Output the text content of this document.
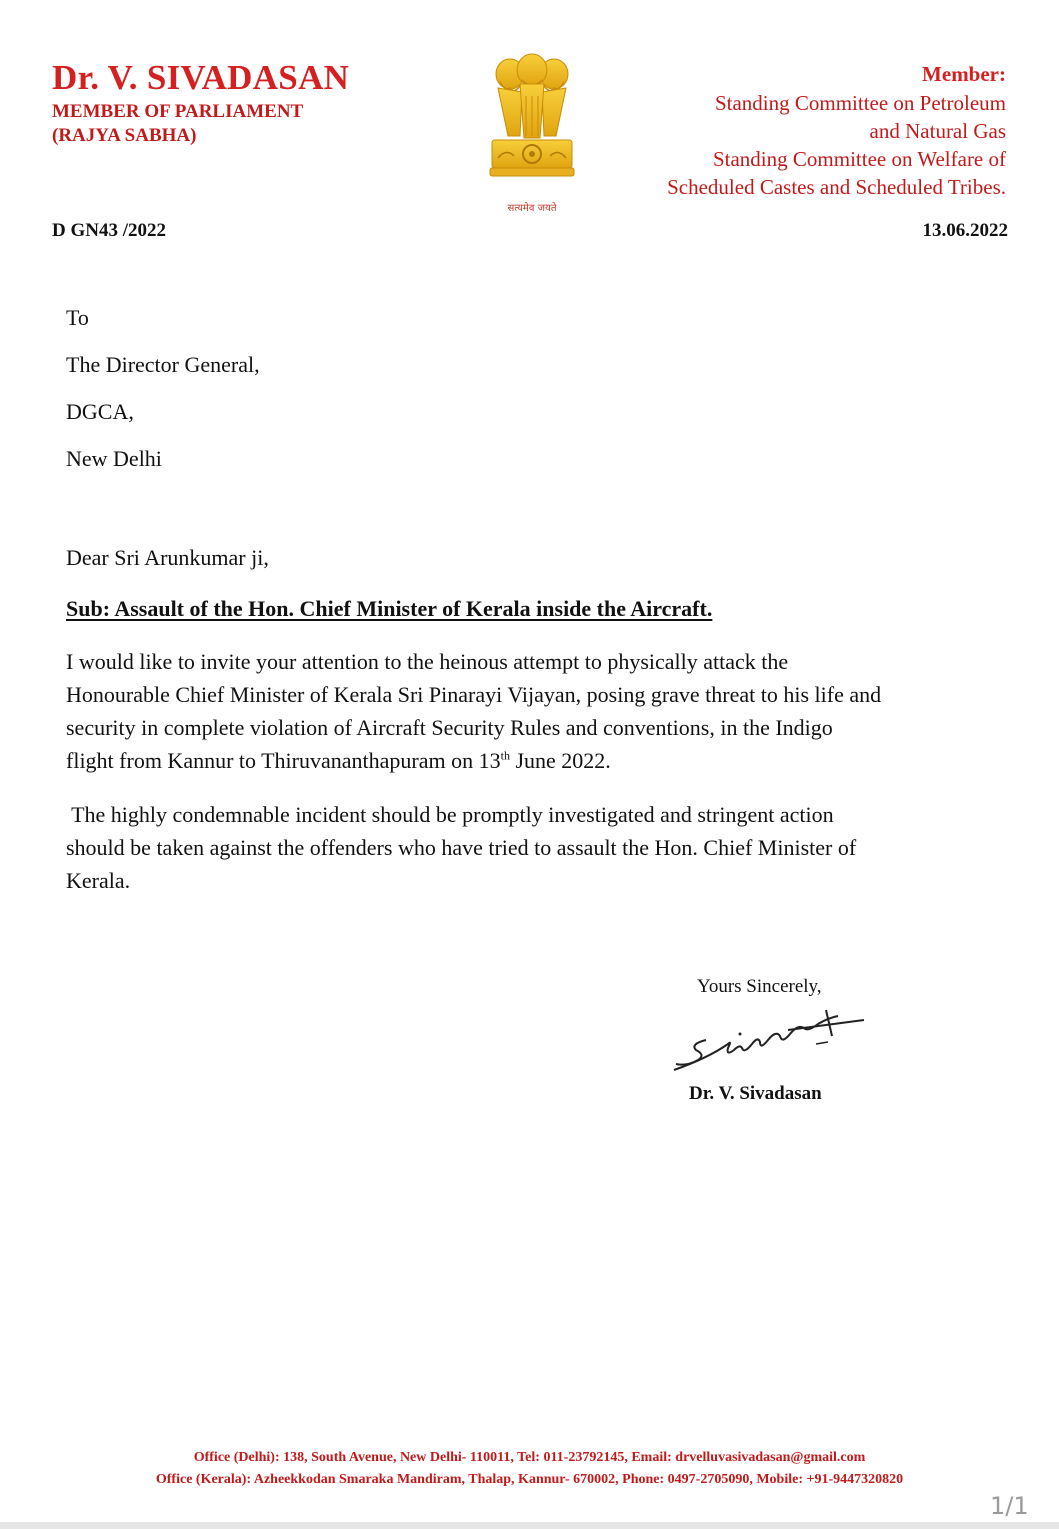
Dr. V. SIVADASAN
MEMBER OF PARLIAMENT
(RAJYA SABHA)
सत्यमेव जयते
Member:
Standing Committee on Petroleum
and Natural Gas
Standing Committee on Welfare of
Scheduled Castes and Scheduled Tribes.
D GN43 /2022	13.06.2022
To
The Director General,
DGCA,
New Delhi
Dear Sri Arunkumar ji,
Sub: Assault of the Hon. Chief Minister of Kerala inside the Aircraft.
I would like to invite your attention to the heinous attempt to physically attack the
Honourable Chief Minister of Kerala Sri Pinarayi Vijayan, posing grave threat to his life and
security in complete violation of Aircraft Security Rules and conventions, in the Indigo
flight from Kannur to Thiruvananthapuram on 13th June 2022.
The highly condemnable incident should be promptly investigated and stringent action
should be taken against the offenders who have tried to assault the Hon. Chief Minister of
Kerala.
Yours Sincerely,
Dr. V. Sivadasan
Office (Delhi): 138, South Avenue, New Delhi- 110011, Tel: 011-23792145, Email: drvelluvasivadasan@gmail.com
Office (Kerala): Azheekkodan Smaraka Mandiram, Thalap, Kannur- 670002, Phone: 0497-2705090, Mobile: +91-9447320820
1/1
